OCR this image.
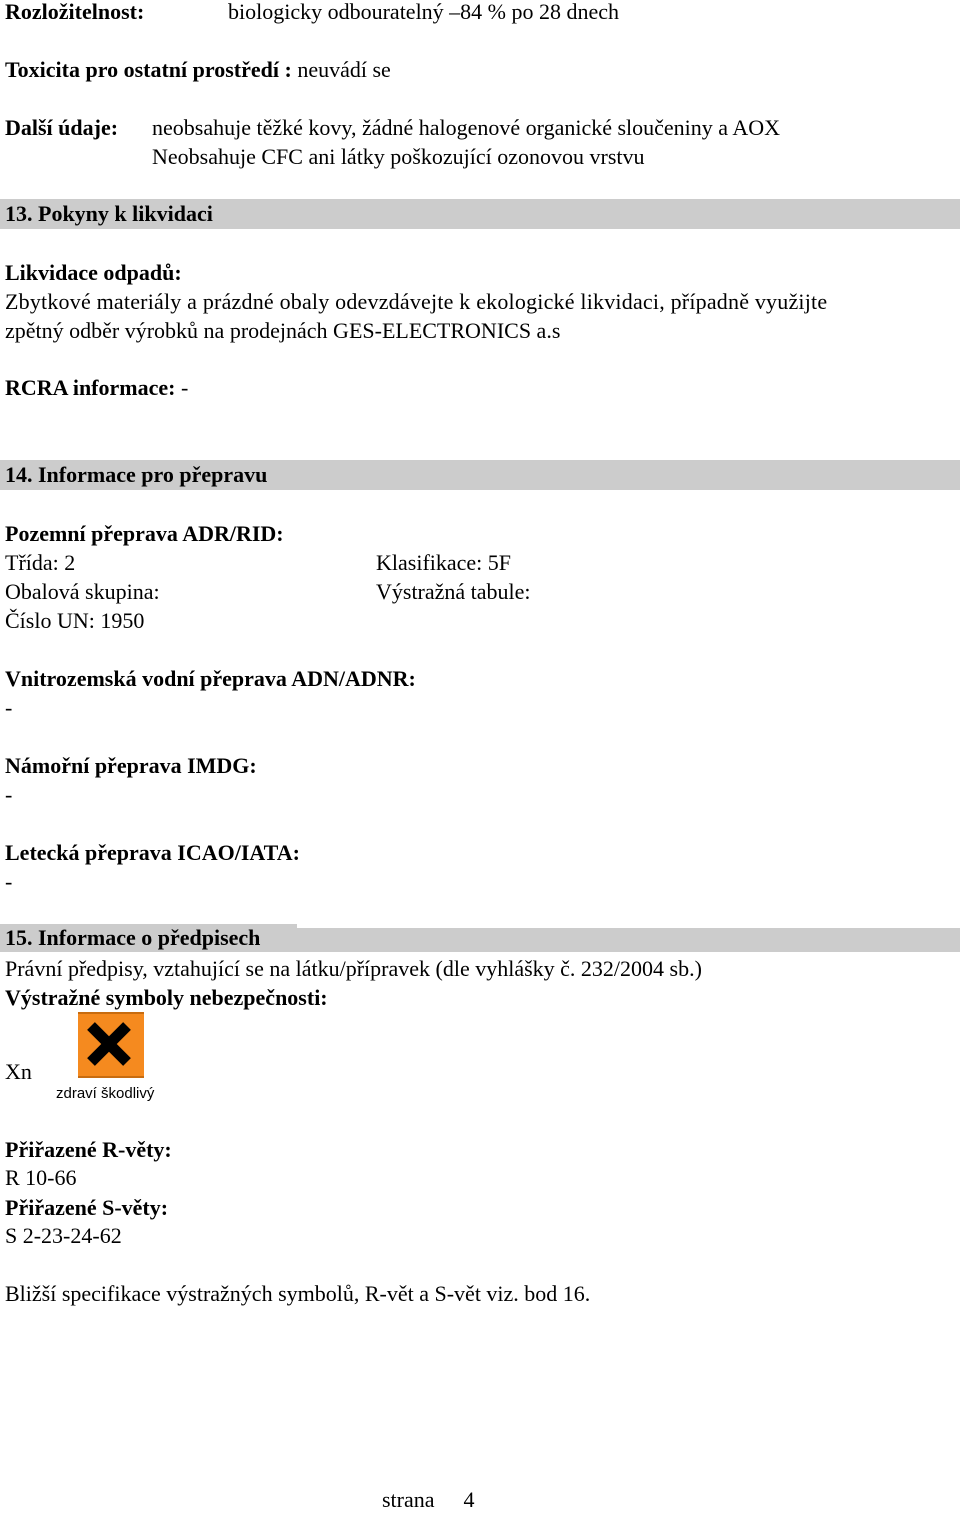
Rozložitelnost:	biologicky odbouratelný –84 % po 28 dnech
Toxicita pro ostatní prostředí : neuvádí se
Další údaje: neobsahuje těžké kovy, žádné halogenové organické sloučeniny a AOX
Neobsahuje CFC ani látky poškozující ozonovou vrstvu
13. Pokyny k likvidaci
Likvidace odpadů:
Zbytkové materiály a prázdné obaly odevzdávejte k ekologické likvidaci, případně využijte
zpětný odběr výrobků na prodejnách GES-ELECTRONICS a.s
RCRA informace: -
14. Informace pro přepravu
Pozemní přeprava ADR/RID:
Třída: 2	Klasifikace: 5F
Obalová skupina:	Výstražná tabule:
Číslo UN: 1950
Vnitrozemská vodní přeprava ADN/ADNR:
-
Námořní přeprava IMDG:
-
Letecká přeprava ICAO/IATA:
-
15. Informace o předpisech
Právní předpisy, vztahující se na látku/přípravek (dle vyhlášky č. 232/2004 sb.)
Výstražné symboly nebezpečnosti:
Xn
zdraví škodlivý
Přiřazené R-věty:
R 10-66
Přiřazené S-věty:
S 2-23-24-62
Bližší specifikace výstražných symbolů, R-vět a S-vět viz. bod 16.
strana 4
